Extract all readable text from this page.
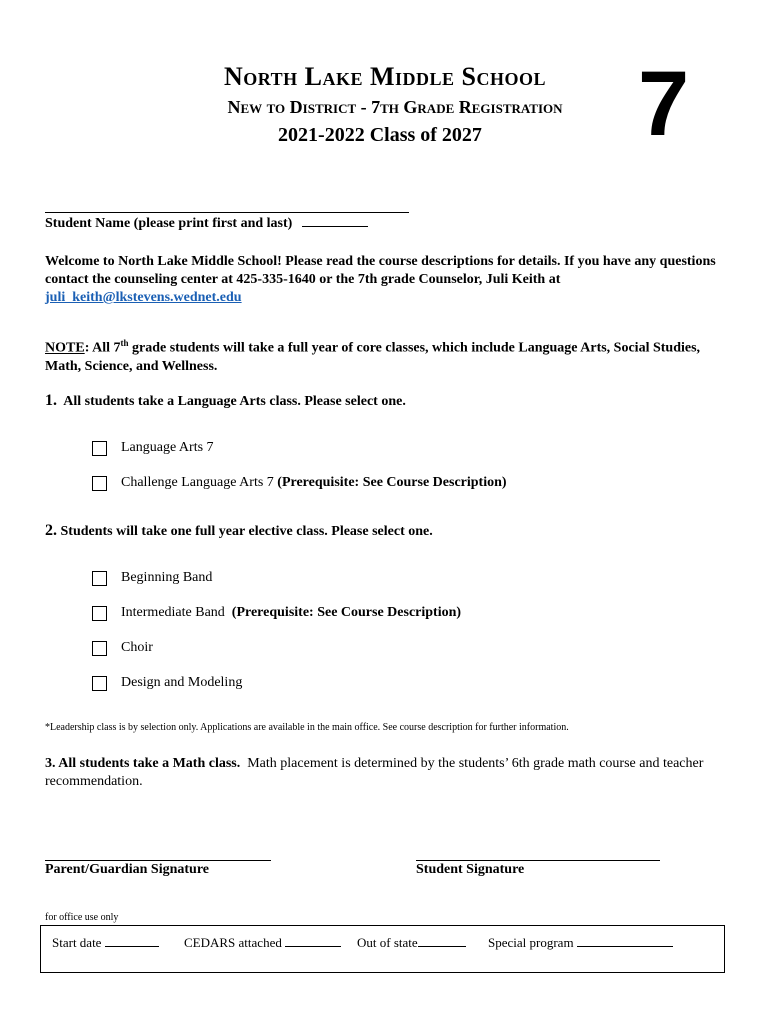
North Lake Middle School
New to District - 7th Grade Registration
2021-2022 Class of 2027	7
Student Name (please print first and last)
Welcome to North Lake Middle School! Please read the course descriptions for details. If you have any questions contact the counseling center at 425-335-1640 or the 7th grade Counselor, Juli Keith at
juli_keith@lkstevens.wednet.edu
NOTE: All 7th grade students will take a full year of core classes, which include Language Arts, Social Studies, Math, Science, and Wellness.
1. All students take a Language Arts class. Please select one.
Language Arts 7
Challenge Language Arts 7
(Prerequisite: See Course Description)
2. Students will take one full year elective class. Please select one.
Beginning Band
Intermediate Band
(Prerequisite: See Course Description)
Choir
Design and Modeling
*Leadership class is by selection only. Applications are available in the main office. See course description for further information.
3. All students take a Math class. Math placement is determined by the students’ 6th grade math course and teacher recommendation.
Parent/Guardian Signature	Student Signature
for office use only
Start date	CEDARS attached	Out of state	Special program
